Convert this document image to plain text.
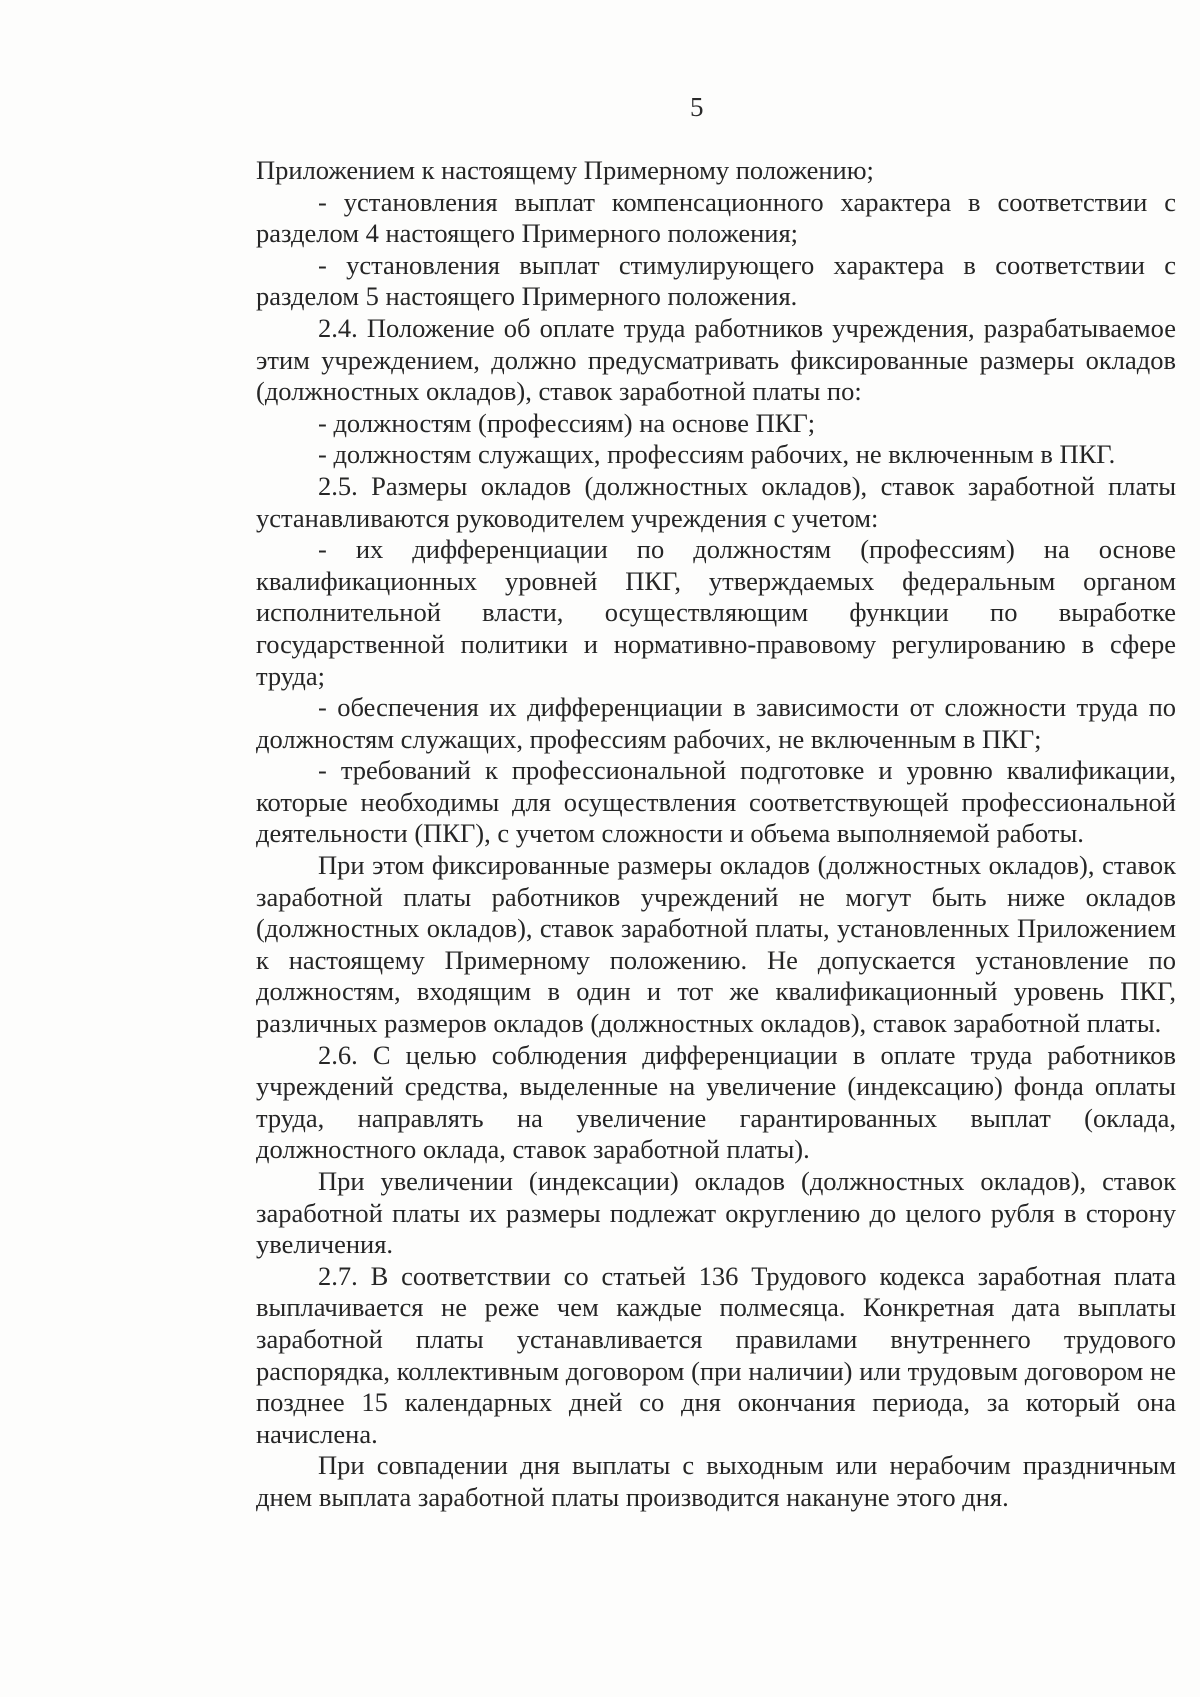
5

Приложением к настоящему Примерному положению;

- установления выплат компенсационного характера в соответствии с разделом 4 настоящего Примерного положения;

- установления выплат стимулирующего характера в соответствии с разделом 5 настоящего Примерного положения.

2.4. Положение об оплате труда работников учреждения, разрабатываемое этим учреждением, должно предусматривать фиксированные размеры окладов (должностных окладов), ставок заработной платы по:

- должностям (профессиям) на основе ПКГ;

- должностям служащих, профессиям рабочих, не включенным в ПКГ.

2.5. Размеры окладов (должностных окладов), ставок заработной платы устанавливаются руководителем учреждения с учетом:

- их дифференциации по должностям (профессиям) на основе квалификационных уровней ПКГ, утверждаемых федеральным органом исполнительной власти, осуществляющим функции по выработке государственной политики и нормативно-правовому регулированию в сфере труда;

- обеспечения их дифференциации в зависимости от сложности труда по должностям служащих, профессиям рабочих, не включенным в ПКГ;

- требований к профессиональной подготовке и уровню квалификации, которые необходимы для осуществления соответствующей профессиональной деятельности (ПКГ), с учетом сложности и объема выполняемой работы.

При этом фиксированные размеры окладов (должностных окладов), ставок заработной платы работников учреждений не могут быть ниже окладов (должностных окладов), ставок заработной платы, установленных Приложением к настоящему Примерному положению. Не допускается установление по должностям, входящим в один и тот же квалификационный уровень ПКГ, различных размеров окладов (должностных окладов), ставок заработной платы.

2.6. С целью соблюдения дифференциации в оплате труда работников учреждений средства, выделенные на увеличение (индексацию) фонда оплаты труда, направлять на увеличение гарантированных выплат (оклада, должностного оклада, ставок заработной платы).

При увеличении (индексации) окладов (должностных окладов), ставок заработной платы их размеры подлежат округлению до целого рубля в сторону увеличения.

2.7. В соответствии со статьей 136 Трудового кодекса заработная плата выплачивается не реже чем каждые полмесяца. Конкретная дата выплаты заработной платы устанавливается правилами внутреннего трудового распорядка, коллективным договором (при наличии) или трудовым договором не позднее 15 календарных дней со дня окончания периода, за который она начислена.

При совпадении дня выплаты с выходным или нерабочим праздничным днем выплата заработной платы производится накануне этого дня.
